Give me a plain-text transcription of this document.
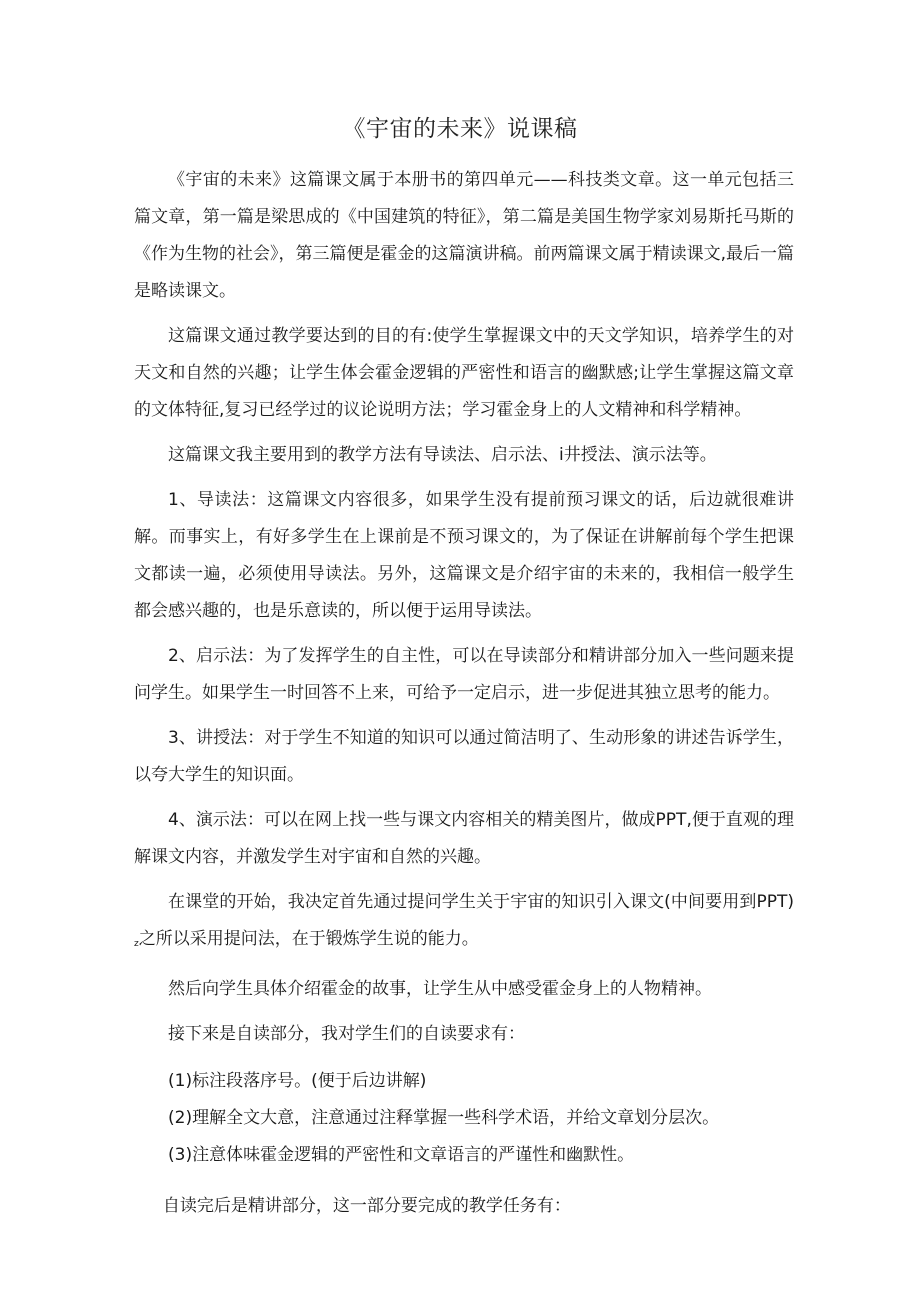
《宇宙的未来》说课稿

《宇宙的未来》这篇课文属于本册书的第四单元——科技类文章。这一单元包括三篇文章，第一篇是梁思成的《中国建筑的特征》，第二篇是美国生物学家刘易斯托马斯的《作为生物的社会》，第三篇便是霍金的这篇演讲稿。前两篇课文属于精读课文,最后一篇是略读课文。

这篇课文通过教学要达到的目的有:使学生掌握课文中的天文学知识，培养学生的对天文和自然的兴趣；让学生体会霍金逻辑的严密性和语言的幽默感;让学生掌握这篇文章的文体特征,复习已经学过的议论说明方法；学习霍金身上的人文精神和科学精神。

这篇课文我主要用到的教学方法有导读法、启示法、i井授法、演示法等。

1、导读法：这篇课文内容很多，如果学生没有提前预习课文的话，后边就很难讲解。而事实上，有好多学生在上课前是不预习课文的，为了保证在讲解前每个学生把课文都读一遍，必须使用导读法。另外，这篇课文是介绍宇宙的未来的，我相信一般学生都会感兴趣的，也是乐意读的，所以便于运用导读法。

2、启示法：为了发挥学生的自主性，可以在导读部分和精讲部分加入一些问题来提问学生。如果学生一时回答不上来，可给予一定启示，进一步促进其独立思考的能力。

3、讲授法：对于学生不知道的知识可以通过简洁明了、生动形象的讲述告诉学生，以夸大学生的知识面。

4、演示法：可以在网上找一些与课文内容相关的精美图片，做成PPT,便于直观的理解课文内容，并激发学生对宇宙和自然的兴趣。

在课堂的开始，我决定首先通过提问学生关于宇宙的知识引入课文(中间要用到$PPT)_z$之所以采用提问法，在于锻炼学生说的能力。

然后向学生具体介绍霍金的故事，让学生从中感受霍金身上的人物精神。

接下来是自读部分，我对学生们的自读要求有：

(1)标注段落序号。(便于后边讲解)
(2)理解全文大意，注意通过注释掌握一些科学术语，并给文章划分层次。
(3)注意体味霍金逻辑的严密性和文章语言的严谨性和幽默性。

自读完后是精讲部分，这一部分要完成的教学任务有：
